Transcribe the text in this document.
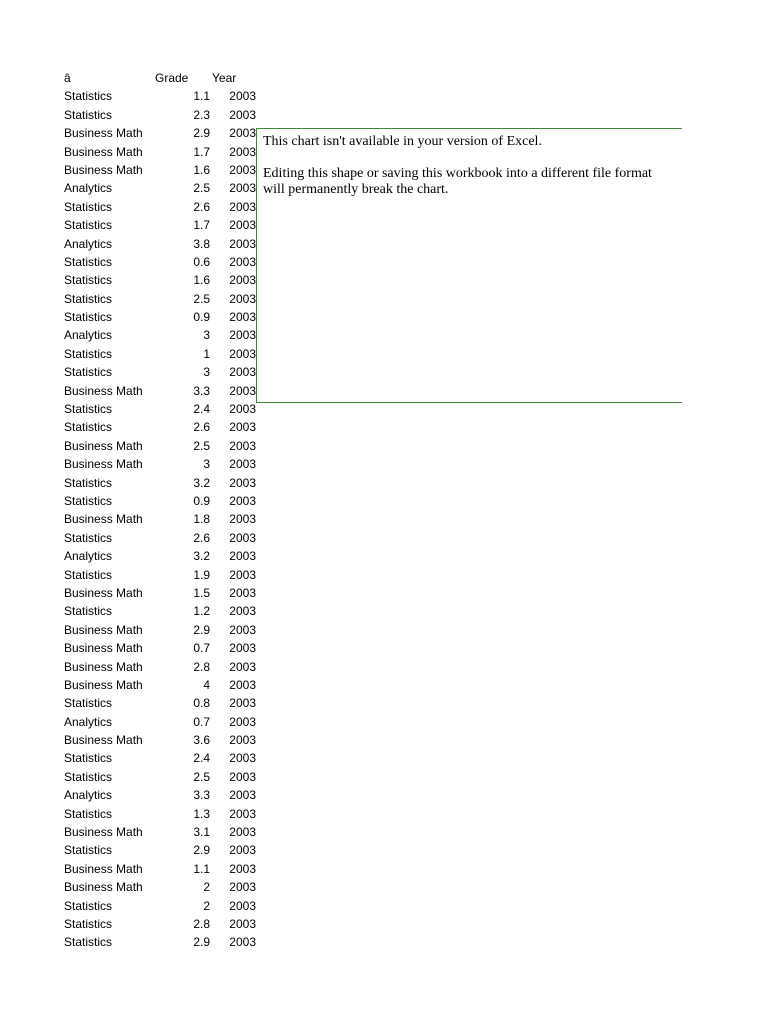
â	Grade Year
Statistics	1.1	2003
Statistics	2.3	2003
Business Math	2.9	2003
Business Math	1.7	2003
Business Math	1.6	2003
Analytics	2.5	2003
Statistics	2.6	2003
Statistics	1.7	2003
Analytics	3.8	2003
Statistics	0.6	2003
Statistics	1.6	2003
Statistics	2.5	2003
Statistics	0.9	2003
Analytics	3	2003
Statistics	1	2003
Statistics	3	2003
Business Math	3.3	2003
Statistics	2.4	2003
Statistics	2.6	2003
Business Math	2.5	2003
Business Math	3	2003
Statistics	3.2	2003
Statistics	0.9	2003
Business Math	1.8	2003
Statistics	2.6	2003
Analytics	3.2	2003
Statistics	1.9	2003
Business Math	1.5	2003
Statistics	1.2	2003
Business Math	2.9	2003
Business Math	0.7	2003
Business Math	2.8	2003
Business Math	4	2003
Statistics	0.8	2003
Analytics	0.7	2003
Business Math	3.6	2003
Statistics	2.4	2003
Statistics	2.5	2003
Analytics	3.3	2003
Statistics	1.3	2003
Business Math	3.1	2003
Statistics	2.9	2003
Business Math	1.1	2003
Business Math	2	2003
Statistics	2	2003
Statistics	2.8	2003
Statistics	2.9	2003

This chart isn't available in your version of Excel.

Editing this shape or saving this workbook into a different file format will permanently break the chart.
